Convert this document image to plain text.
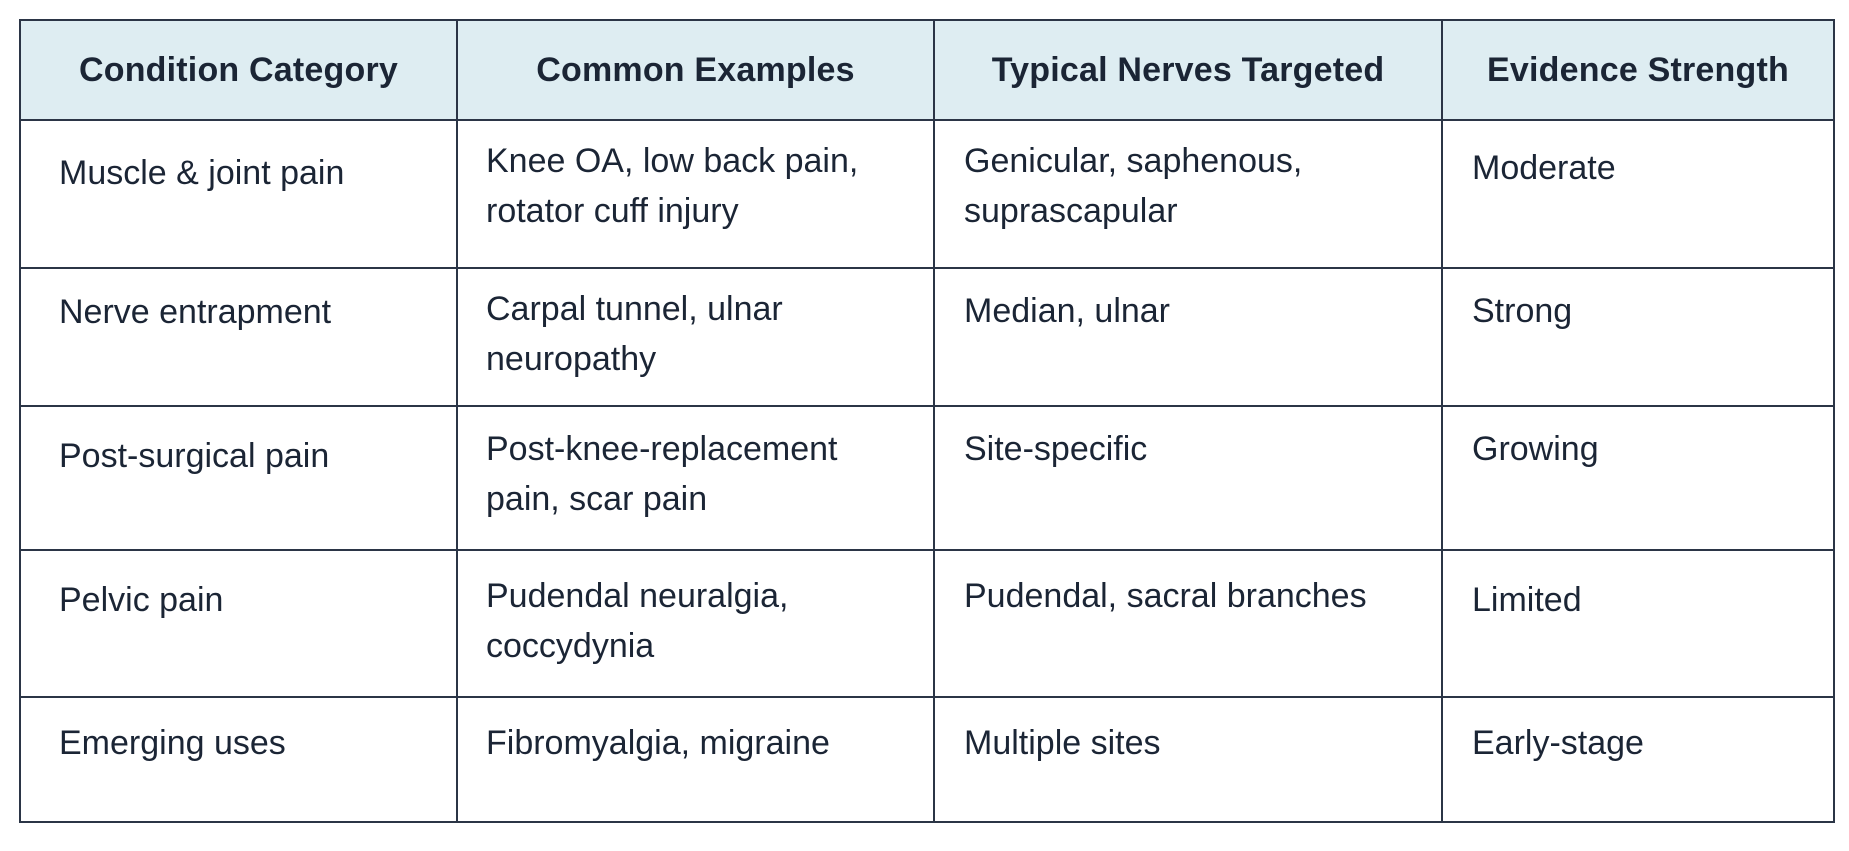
Condition Category	Common Examples	Typical Nerves Targeted	Evidence Strength

Muscle & joint pain	Knee OA, low back pain, rotator cuff injury	Genicular, saphenous, suprascapular	Moderate

Nerve entrapment	Carpal tunnel, ulnar neuropathy	Median, ulnar	Strong

Post-surgical pain	Post-knee-replacement pain, scar pain	Site-specific	Growing

Pelvic pain	Pudendal neuralgia, coccydynia	Pudendal, sacral branches	Limited

Emerging uses	Fibromyalgia, migraine	Multiple sites	Early-stage
